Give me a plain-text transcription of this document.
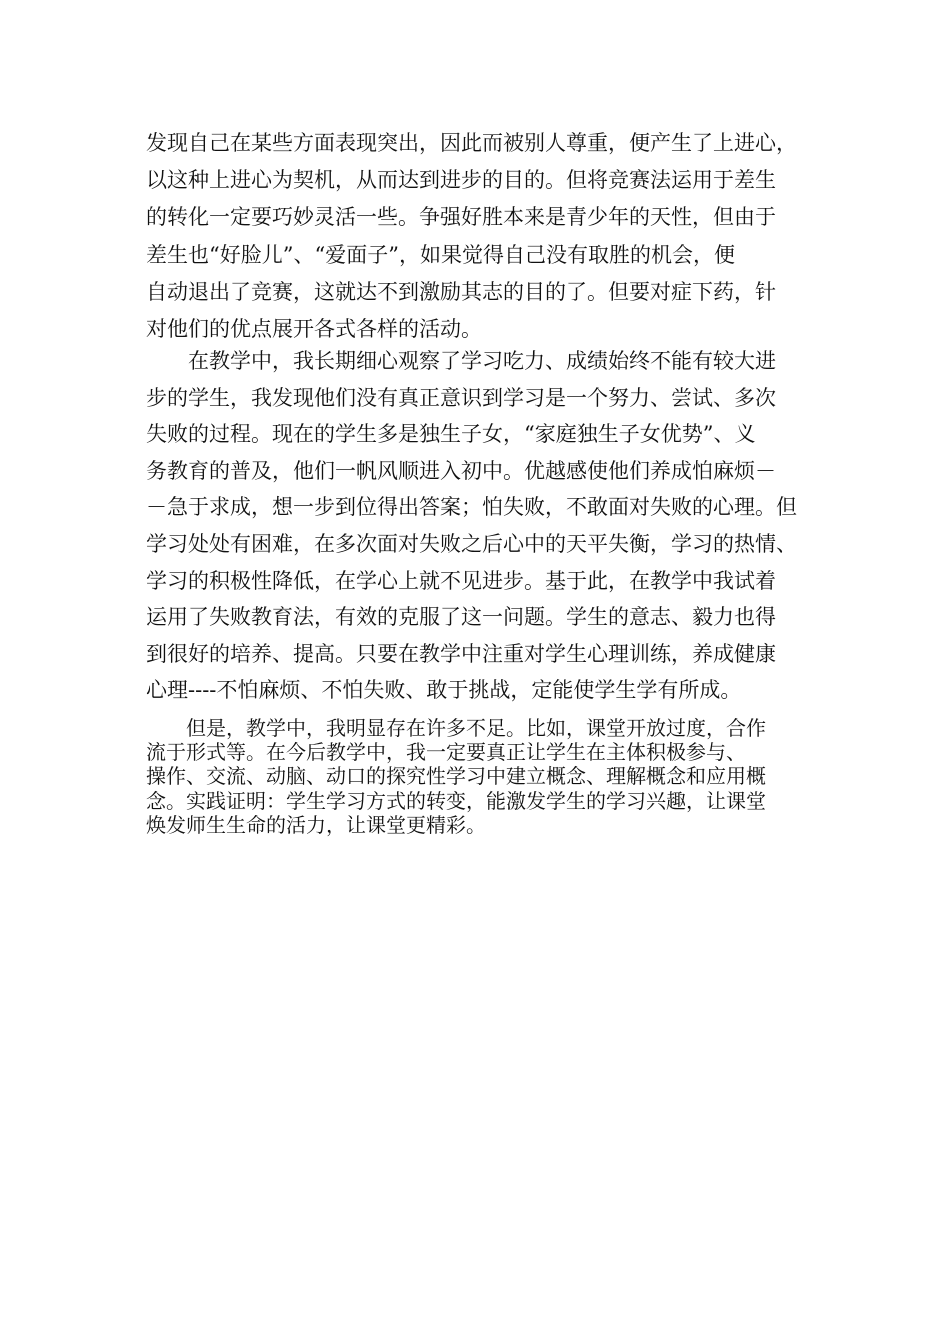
发现自己在某些方面表现突出，因此而被别人尊重，便产生了上进心，
以这种上进心为契机，从而达到进步的目的。但将竞赛法运用于差生
的转化一定要巧妙灵活一些。争强好胜本来是青少年的天性，但由于
差生也“好脸儿”、“爱面子”，如果觉得自己没有取胜的机会，便
自动退出了竞赛，这就达不到激励其志的目的了。但要对症下药，针
对他们的优点展开各式各样的活动。
　　在教学中，我长期细心观察了学习吃力、成绩始终不能有较大进
步的学生，我发现他们没有真正意识到学习是一个努力、尝试、多次
失败的过程。现在的学生多是独生子女，“家庭独生子女优势”、义
务教育的普及，他们一帆风顺进入初中。优越感使他们养成怕麻烦－
－急于求成，想一步到位得出答案；怕失败，不敢面对失败的心理。但
学习处处有困难，在多次面对失败之后心中的天平失衡，学习的热情、
学习的积极性降低，在学心上就不见进步。基于此，在教学中我试着
运用了失败教育法，有效的克服了这一问题。学生的意志、毅力也得
到很好的培养、提高。只要在教学中注重对学生心理训练，养成健康
心理----不怕麻烦、不怕失败、敢于挑战，定能使学生学有所成。
　　但是，教学中，我明显存在许多不足。比如，课堂开放过度，合作
流于形式等。在今后教学中，我一定要真正让学生在主体积极参与、
操作、交流、动脑、动口的探究性学习中建立概念、理解概念和应用概
念。实践证明：学生学习方式的转变，能激发学生的学习兴趣，让课堂
焕发师生生命的活力，让课堂更精彩。
